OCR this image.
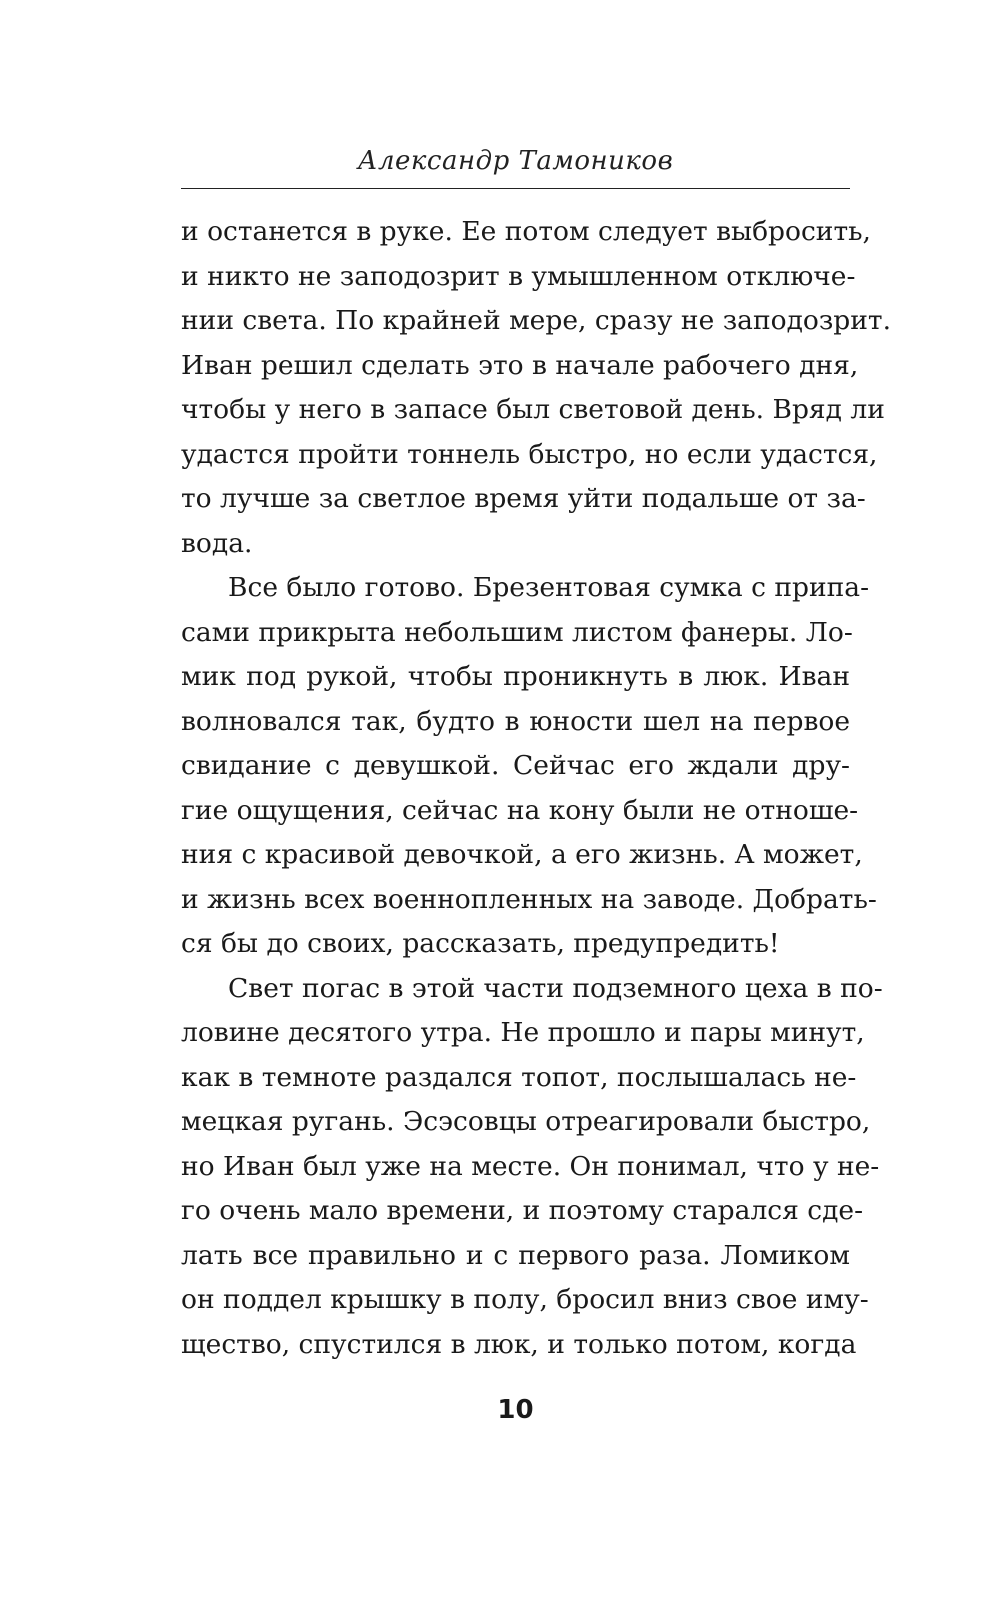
Александр Тамоников
и останется в руке. Ее потом следует выбросить,
и никто не заподозрит в умышленном отключе-
нии света. По крайней мере, сразу не заподозрит.
Иван решил сделать это в начале рабочего дня,
чтобы у него в запасе был световой день. Вряд ли
удастся пройти тоннель быстро, но если удастся,
то лучше за светлое время уйти подальше от за-
вода.
Все было готово. Брезентовая сумка с припа-
сами прикрыта небольшим листом фанеры. Ло-
мик под рукой, чтобы проникнуть в люк. Иван
волновался так, будто в юности шел на первое
свидание с девушкой. Сейчас его ждали дру-
гие ощущения, сейчас на кону были не отноше-
ния с красивой девочкой, а его жизнь. А может,
и жизнь всех военнопленных на заводе. Добрать-
ся бы до своих, рассказать, предупредить!
Свет погас в этой части подземного цеха в по-
ловине десятого утра. Не прошло и пары минут,
как в темноте раздался топот, послышалась не-
мецкая ругань. Эсэсовцы отреагировали быстро,
но Иван был уже на месте. Он понимал, что у не-
го очень мало времени, и поэтому старался сде-
лать все правильно и с первого раза. Ломиком
он поддел крышку в полу, бросил вниз свое иму-
щество, спустился в люк, и только потом, когда
10
